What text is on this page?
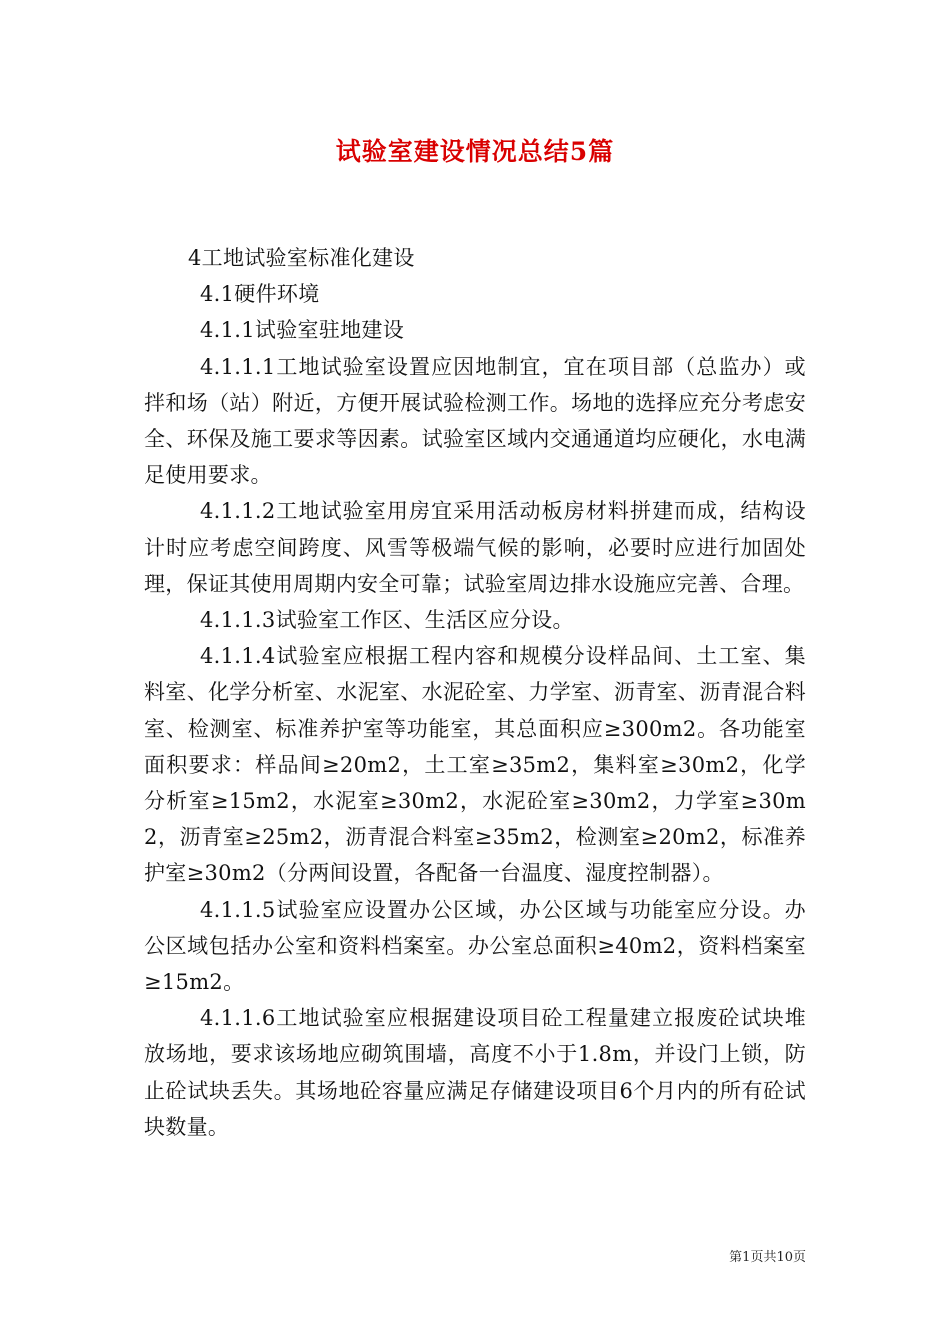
试验室建设情况总结5篇

4工地试验室标准化建设

4.1硬件环境

4.1.1试验室驻地建设

4.1.1.1工地试验室设置应因地制宜，宜在项目部（总监办）或拌和场（站）附近，方便开展试验检测工作。场地的选择应充分考虑安全、环保及施工要求等因素。试验室区域内交通通道均应硬化，水电满足使用要求。

4.1.1.2工地试验室用房宜采用活动板房材料拼建而成，结构设计时应考虑空间跨度、风雪等极端气候的影响，必要时应进行加固处理，保证其使用周期内安全可靠；试验室周边排水设施应完善、合理。

4.1.1.3试验室工作区、生活区应分设。

4.1.1.4试验室应根据工程内容和规模分设样品间、土工室、集料室、化学分析室、水泥室、水泥砼室、力学室、沥青室、沥青混合料室、检测室、标准养护室等功能室，其总面积应≥300m2。各功能室面积要求：样品间≥20m2，土工室≥35m2，集料室≥30m2，化学分析室≥15m2，水泥室≥30m2，水泥砼室≥30m2，力学室≥30m2，沥青室≥25m2，沥青混合料室≥35m2，检测室≥20m2，标准养护室≥30m2（分两间设置，各配备一台温度、湿度控制器）。

4.1.1.5试验室应设置办公区域，办公区域与功能室应分设。办公区域包括办公室和资料档案室。办公室总面积≥40m2，资料档案室≥15m2。

4.1.1.6工地试验室应根据建设项目砼工程量建立报废砼试块堆放场地，要求该场地应砌筑围墙，高度不小于1.8m，并设门上锁，防止砼试块丢失。其场地砼容量应满足存储建设项目6个月内的所有砼试块数量。

第1页共10页
